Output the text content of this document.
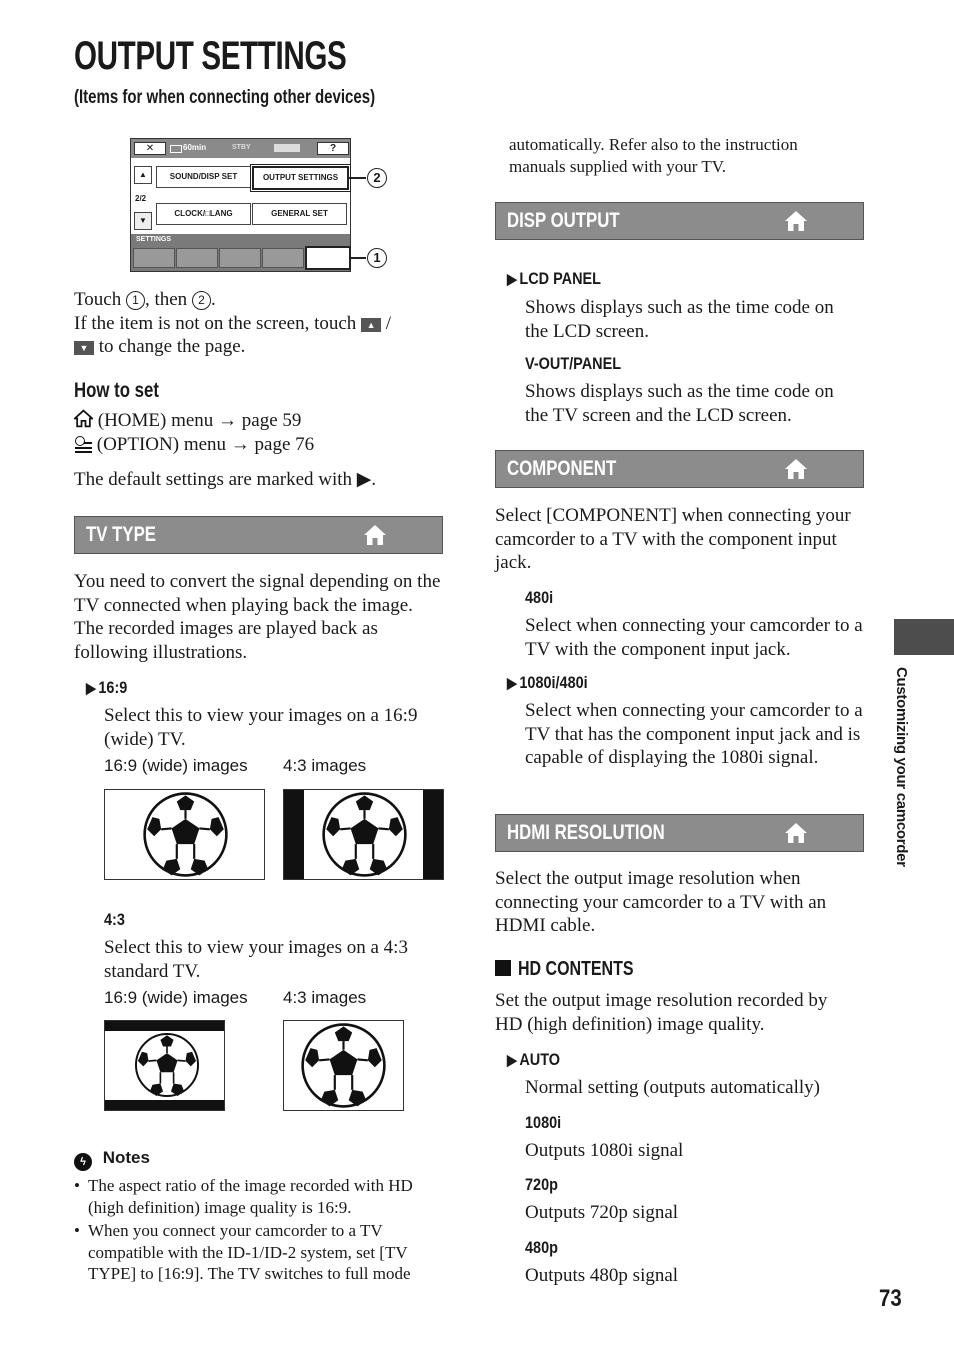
OUTPUT SETTINGS
(Items for when connecting other devices)
✕	60min	STBY	?
▲
2/2
▼
SOUND/DISP SET	OUTPUT SETTINGS
CLOCK/□LANG	GENERAL SET
SETTINGS
2
1
Touch 1 , then 2 .
If the item is not on the screen, touch ▲ /
▼ to change the page.
How to set
(HOME) menu → page 59
(OPTION) menu → page 76
The default settings are marked with ▶.
TV TYPE
You need to convert the signal depending on the TV connected when playing back the image. The recorded images are played back as following illustrations.
▶ 16:9
Select this to view your images on a 16:9 (wide) TV.
16:9 (wide) images 4:3 images
4:3
Select this to view your images on a 4:3 standard TV.
16:9 (wide) images 4:3 images
ϟ Notes
• The aspect ratio of the image recorded with HD (high definition) image quality is 16:9.
• When you connect your camcorder to a TV compatible with the ID-1/ID-2 system, set [TV TYPE] to [16:9]. The TV switches to full mode
automatically. Refer also to the instruction manuals supplied with your TV.
DISP OUTPUT
▶ LCD PANEL
Shows displays such as the time code on the LCD screen.
V-OUT/PANEL
Shows displays such as the time code on the TV screen and the LCD screen.
COMPONENT
Select [COMPONENT] when connecting your camcorder to a TV with the component input jack.
480i
Select when connecting your camcorder to a TV with the component input jack.
▶ 1080i/480i
Select when connecting your camcorder to a TV that has the component input jack and is capable of displaying the 1080i signal.
HDMI RESOLUTION
Select the output image resolution when connecting your camcorder to a TV with an HDMI cable.
HD CONTENTS
Set the output image resolution recorded by HD (high definition) image quality.
▶ AUTO
Normal setting (outputs automatically)
1080i
Outputs 1080i signal
720p
Outputs 720p signal
480p
Outputs 480p signal
Customizing your camcorder
73
